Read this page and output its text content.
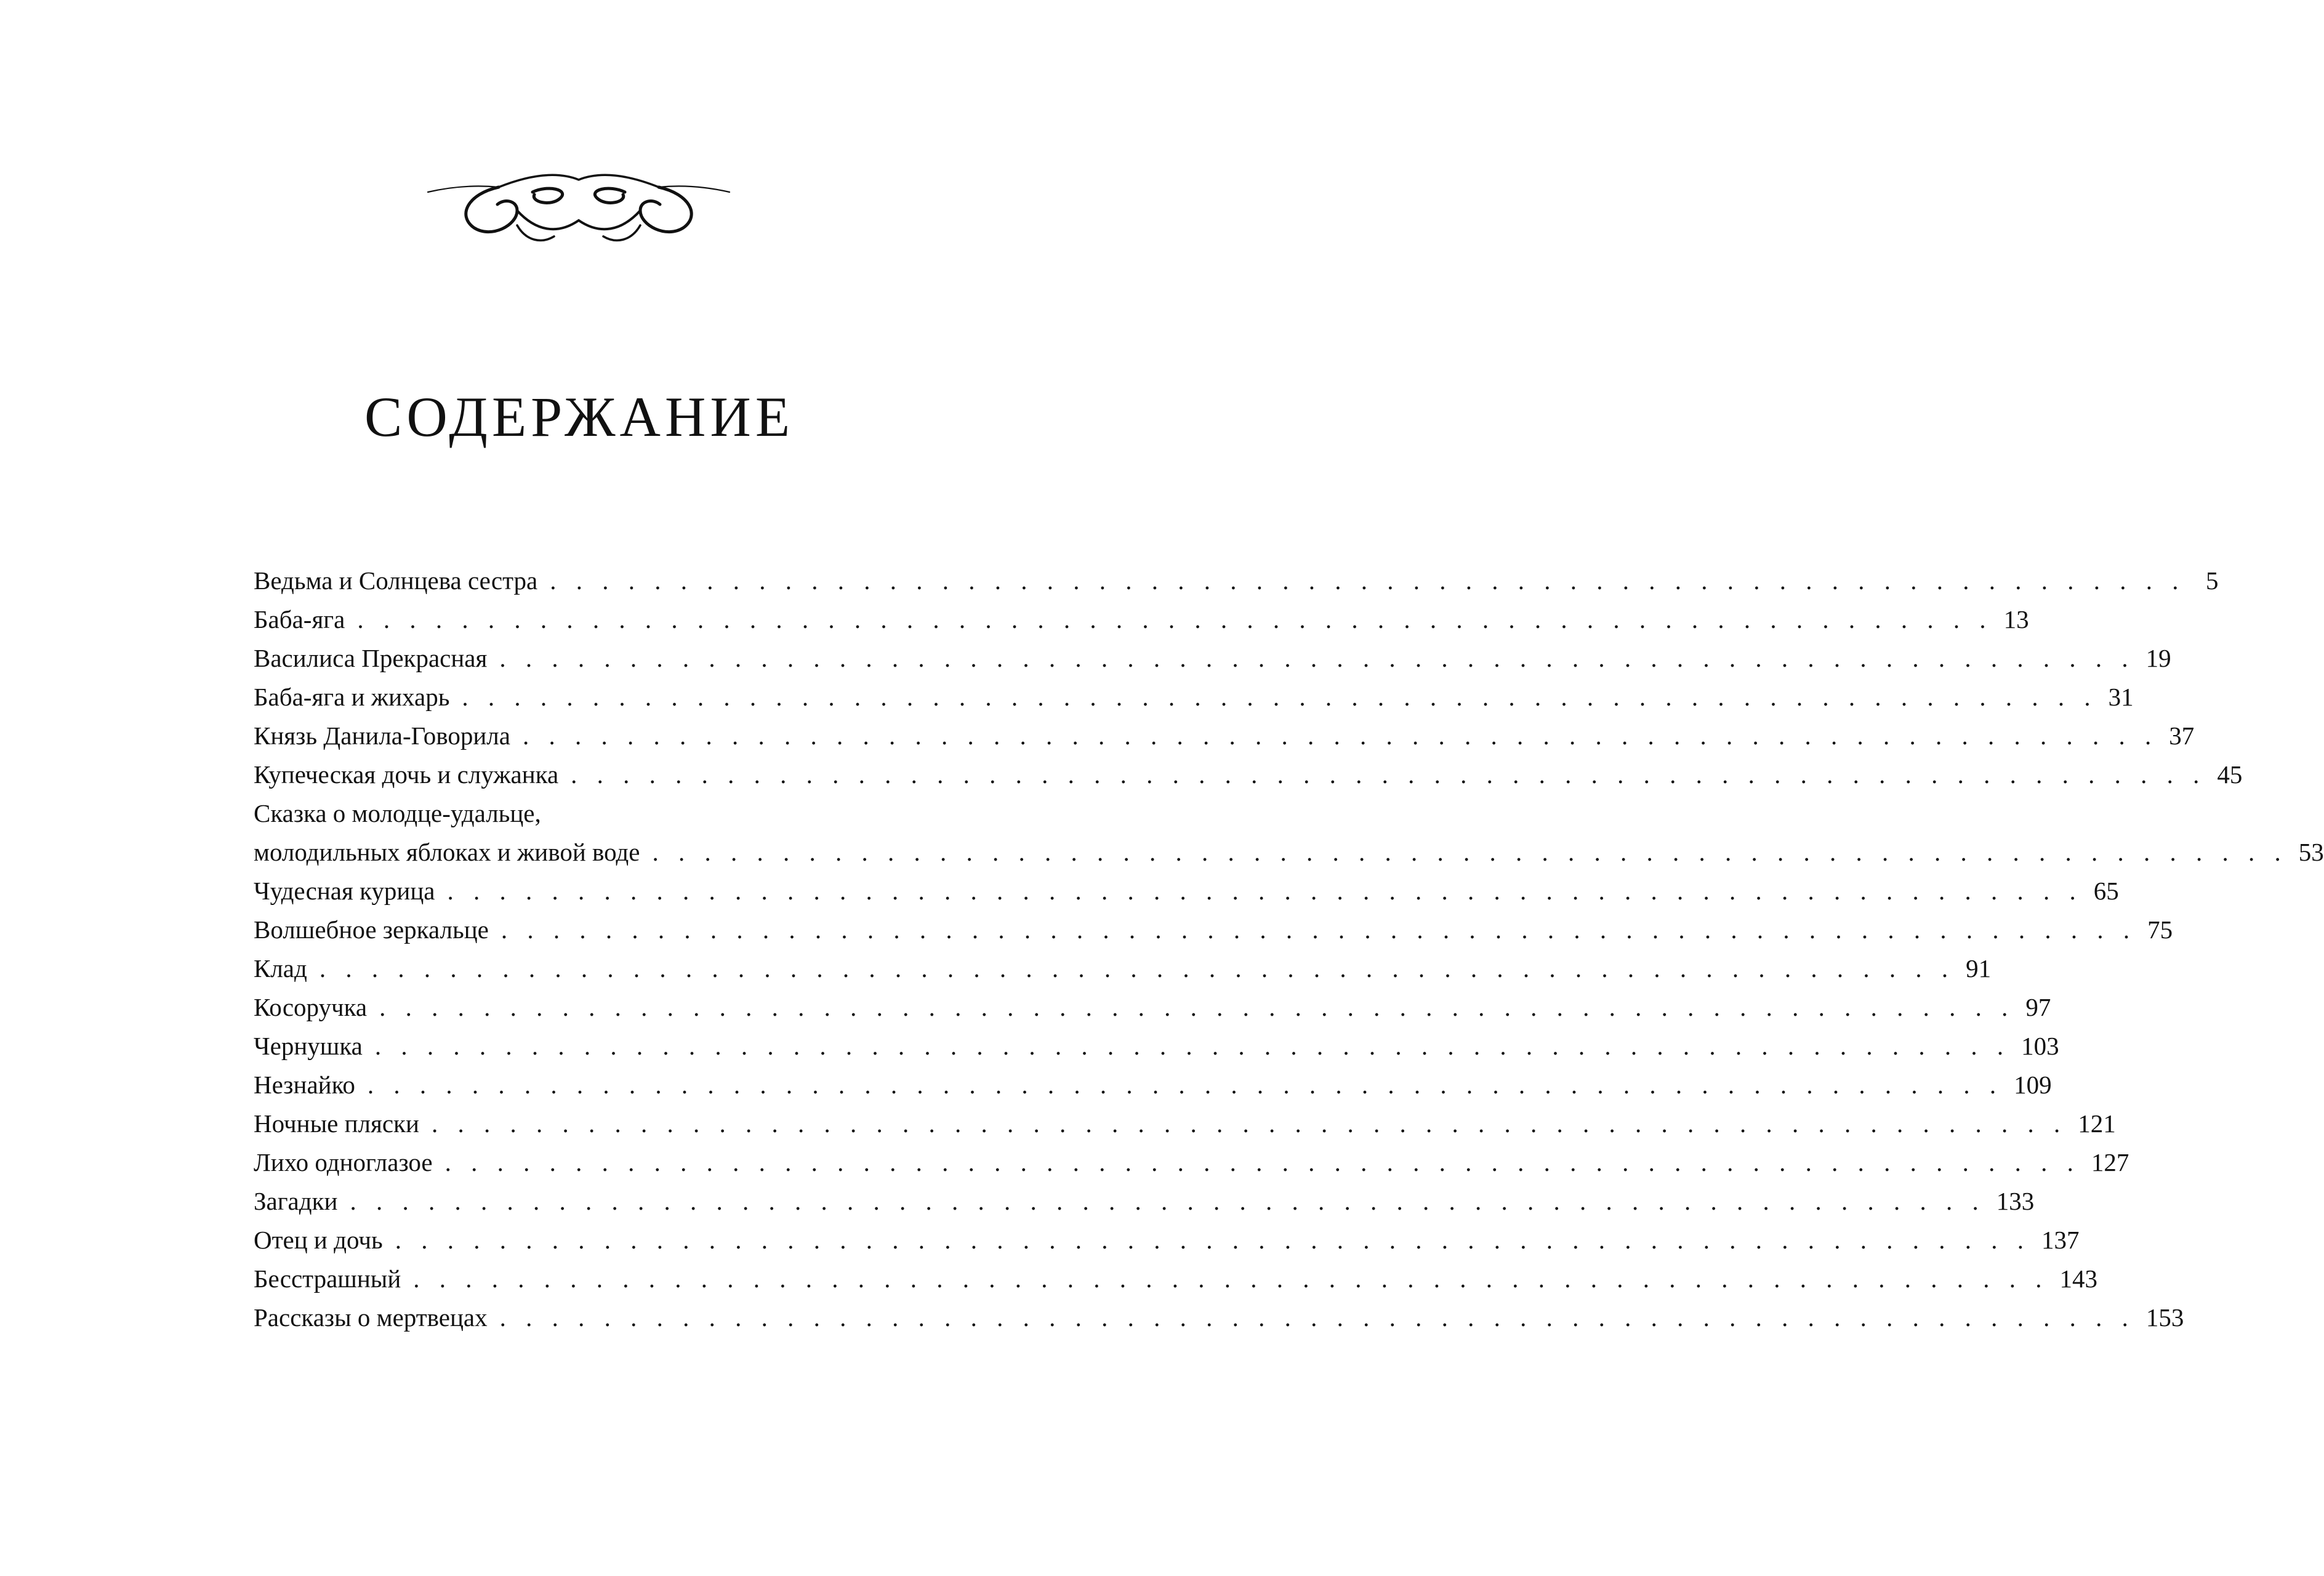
СОДЕРЖАНИЕ
Ведьма и Солнцева сестра . . . . . . . . . . . . . . . . . . . . . . . . . . . . . . . . . . . . . . . . . . . . . . . . . . . . . . . . . . . . . . . 5
Баба-яга . . . . . . . . . . . . . . . . . . . . . . . . . . . . . . . . . . . . . . . . . . . . . . . . . . . . . . . . . . . . . . . 13
Василиса Прекрасная . . . . . . . . . . . . . . . . . . . . . . . . . . . . . . . . . . . . . . . . . . . . . . . . . . . . . . . . . . . . . . . 19
Баба-яга и жихарь . . . . . . . . . . . . . . . . . . . . . . . . . . . . . . . . . . . . . . . . . . . . . . . . . . . . . . . . . . . . . . . 31
Князь Данила-Говорила . . . . . . . . . . . . . . . . . . . . . . . . . . . . . . . . . . . . . . . . . . . . . . . . . . . . . . . . . . . . . . . 37
Купеческая дочь и служанка . . . . . . . . . . . . . . . . . . . . . . . . . . . . . . . . . . . . . . . . . . . . . . . . . . . . . . . . . . . . . . . 45
Сказка о молодце-удальце,
молодильных яблоках и живой воде . . . . . . . . . . . . . . . . . . . . . . . . . . . . . . . . . . . . . . . . . . . . . . . . . . . . . . . . . . . . . . . 53
Чудесная курица . . . . . . . . . . . . . . . . . . . . . . . . . . . . . . . . . . . . . . . . . . . . . . . . . . . . . . . . . . . . . . . 65
Волшебное зеркальце . . . . . . . . . . . . . . . . . . . . . . . . . . . . . . . . . . . . . . . . . . . . . . . . . . . . . . . . . . . . . . . 75
Клад . . . . . . . . . . . . . . . . . . . . . . . . . . . . . . . . . . . . . . . . . . . . . . . . . . . . . . . . . . . . . . . 91
Косоручка . . . . . . . . . . . . . . . . . . . . . . . . . . . . . . . . . . . . . . . . . . . . . . . . . . . . . . . . . . . . . . . 97
Чернушка . . . . . . . . . . . . . . . . . . . . . . . . . . . . . . . . . . . . . . . . . . . . . . . . . . . . . . . . . . . . . . . 103
Незнайко . . . . . . . . . . . . . . . . . . . . . . . . . . . . . . . . . . . . . . . . . . . . . . . . . . . . . . . . . . . . . . . 109
Ночные пляски . . . . . . . . . . . . . . . . . . . . . . . . . . . . . . . . . . . . . . . . . . . . . . . . . . . . . . . . . . . . . . . 121
Лихо одноглазое . . . . . . . . . . . . . . . . . . . . . . . . . . . . . . . . . . . . . . . . . . . . . . . . . . . . . . . . . . . . . . . 127
Загадки . . . . . . . . . . . . . . . . . . . . . . . . . . . . . . . . . . . . . . . . . . . . . . . . . . . . . . . . . . . . . . . 133
Отец и дочь . . . . . . . . . . . . . . . . . . . . . . . . . . . . . . . . . . . . . . . . . . . . . . . . . . . . . . . . . . . . . . . 137
Бесстрашный . . . . . . . . . . . . . . . . . . . . . . . . . . . . . . . . . . . . . . . . . . . . . . . . . . . . . . . . . . . . . . . 143
Рассказы о мертвецах . . . . . . . . . . . . . . . . . . . . . . . . . . . . . . . . . . . . . . . . . . . . . . . . . . . . . . . . . . . . . . . 153
